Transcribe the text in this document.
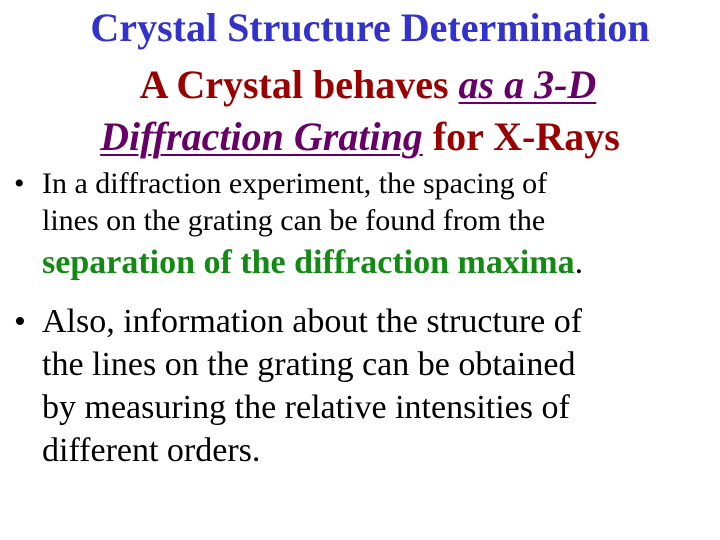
Crystal Structure Determination
A Crystal behaves as a 3-D
Diffraction Grating for X-Rays
• In a diffraction experiment, the spacing of
lines on the grating can be found from the
separation of the diffraction maxima.
• Also, information about the structure of
the lines on the grating can be obtained
by measuring the relative intensities of
different orders.
